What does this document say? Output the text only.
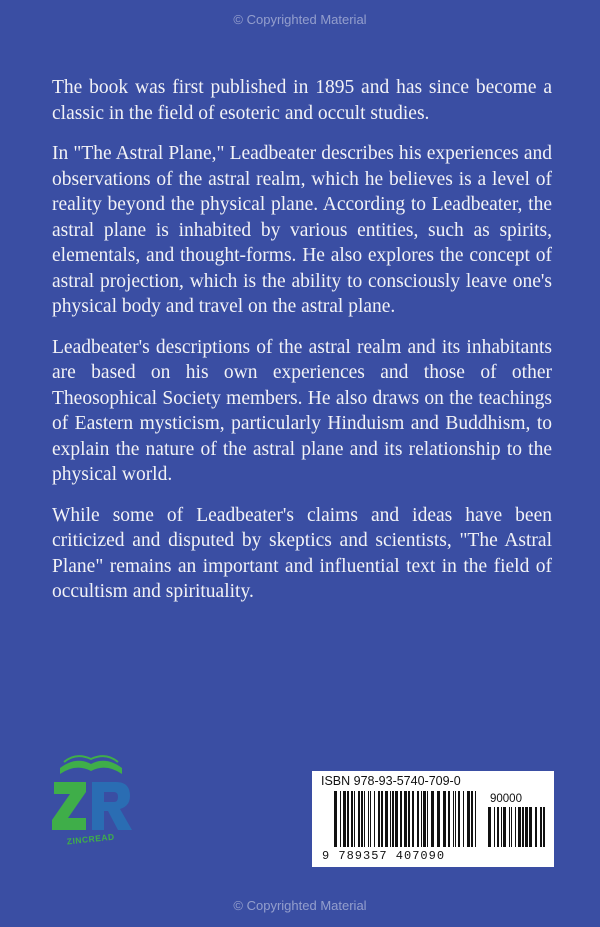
© Copyrighted Material

The book was first published in 1895 and has since become a classic in the field of esoteric and occult studies.

In "The Astral Plane," Leadbeater describes his experiences and observations of the astral realm, which he believes is a level of reality beyond the physical plane. According to Leadbeater, the astral plane is inhabited by various entities, such as spirits, elementals, and thought-forms. He also explores the concept of astral projection, which is the ability to consciously leave one's physical body and travel on the astral plane.

Leadbeater's descriptions of the astral realm and its inhabitants are based on his own experiences and those of other Theosophical Society members. He also draws on the teachings of Eastern mysticism, particularly Hinduism and Buddhism, to explain the nature of the astral plane and its relationship to the physical world.

While some of Leadbeater's claims and ideas have been criticized and disputed by skeptics and scientists, "The Astral Plane" remains an important and influential text in the field of occultism and spirituality.

ZINCREAD
ISBN 978-93-5740-709-0
90000
9 789357 407090
© Copyrighted Material
